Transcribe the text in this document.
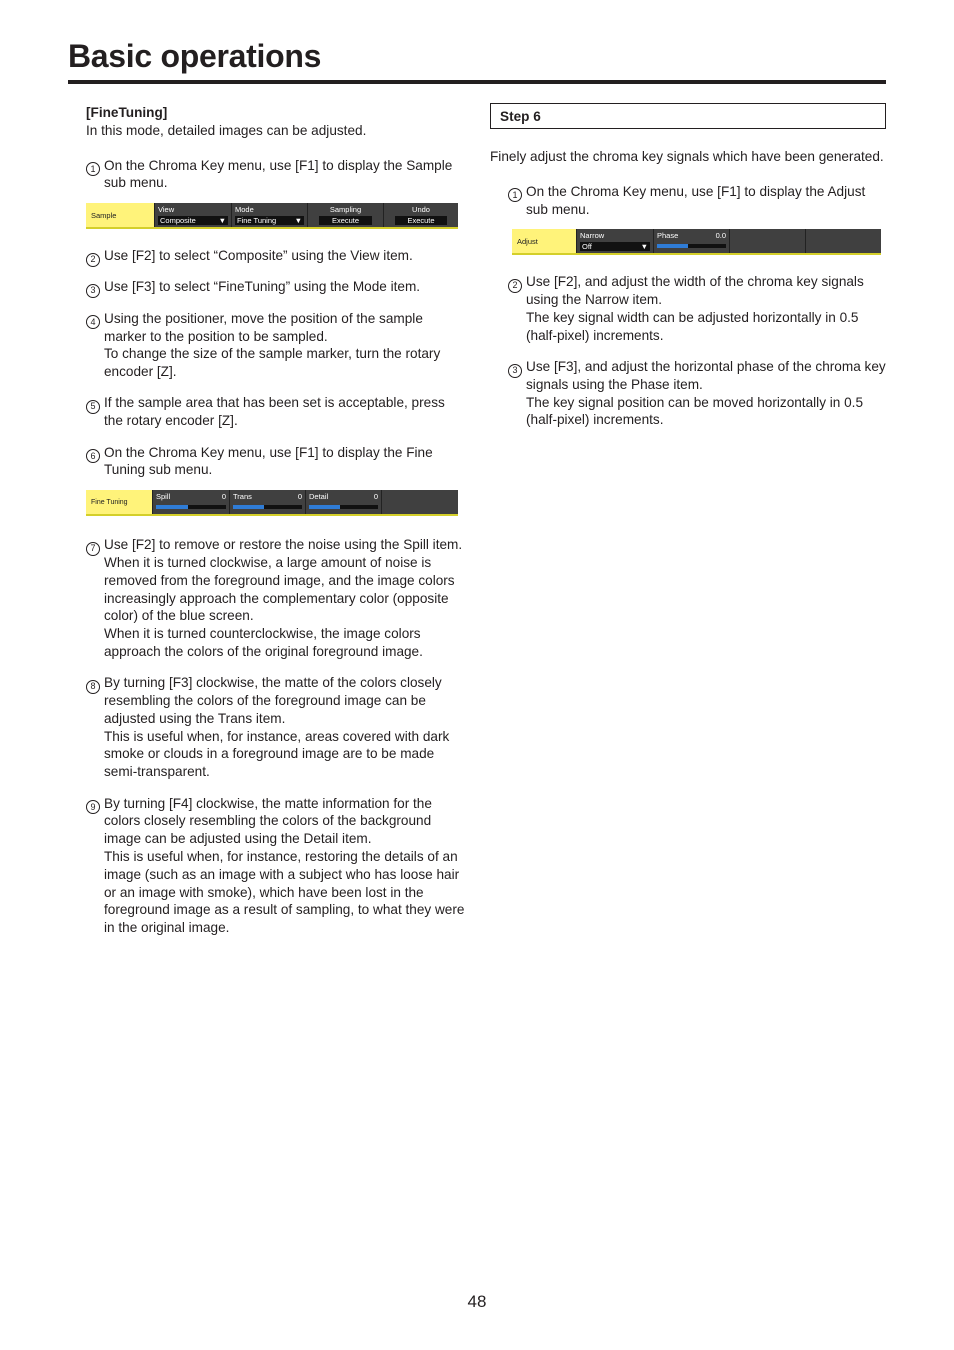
Basic operations

[FineTuning]

In this mode, detailed images can be adjusted.

1 On the Chroma Key menu, use [F1] to display the Sample sub menu.
Sample
View
Composite	▼
Mode
Fine Tuning ▼
Sampling
Execute
Undo
Execute
2 Use [F2] to select “Composite” using the View item.
3 Use [F3] to select “FineTuning” using the Mode item.
4 Using the positioner, move the position of the sample marker to the position to be sampled.

To change the size of the sample marker, turn the rotary encoder [Z].

5 If the sample area that has been set is acceptable, press the rotary encoder [Z].
6 On the Chroma Key menu, use [F1] to display the Fine Tuning sub menu.
Fine Tuning
Spill	0 Trans	0 Detail	0
7 Use [F2] to remove or restore the noise using the Spill item.

When it is turned clockwise, a large amount of noise is removed from the foreground image, and the image colors increasingly approach the complementary color (opposite color) of the blue screen.

When it is turned counterclockwise, the image colors approach the colors of the original foreground image.

8 By turning [F3] clockwise, the matte of the colors closely resembling the colors of the foreground image can be adjusted using the Trans item.

This is useful when, for instance, areas covered with dark smoke or clouds in a foreground image are to be made semi-transparent.

9 By turning [F4] clockwise, the matte information for the colors closely resembling the colors of the background image can be adjusted using the Detail item.

This is useful when, for instance, restoring the details of an image (such as an image with a subject who has loose hair or an image with smoke), which have been lost in the foreground image as a result of sampling, to what they were in the original image.

Step 6

Finely adjust the chroma key signals which have been generated.

1 On the Chroma Key menu, use [F1] to display the Adjust sub menu.
Adjust
Narrow
Off	▼
Phase	0.0
2 Use [F2], and adjust the width of the chroma key signals using the Narrow item.

The key signal width can be adjusted horizontally in 0.5 (half-pixel) increments.

3 Use [F3], and adjust the horizontal phase of the chroma key signals using the Phase item.

The key signal position can be moved horizontally in 0.5 (half-pixel) increments.

48
